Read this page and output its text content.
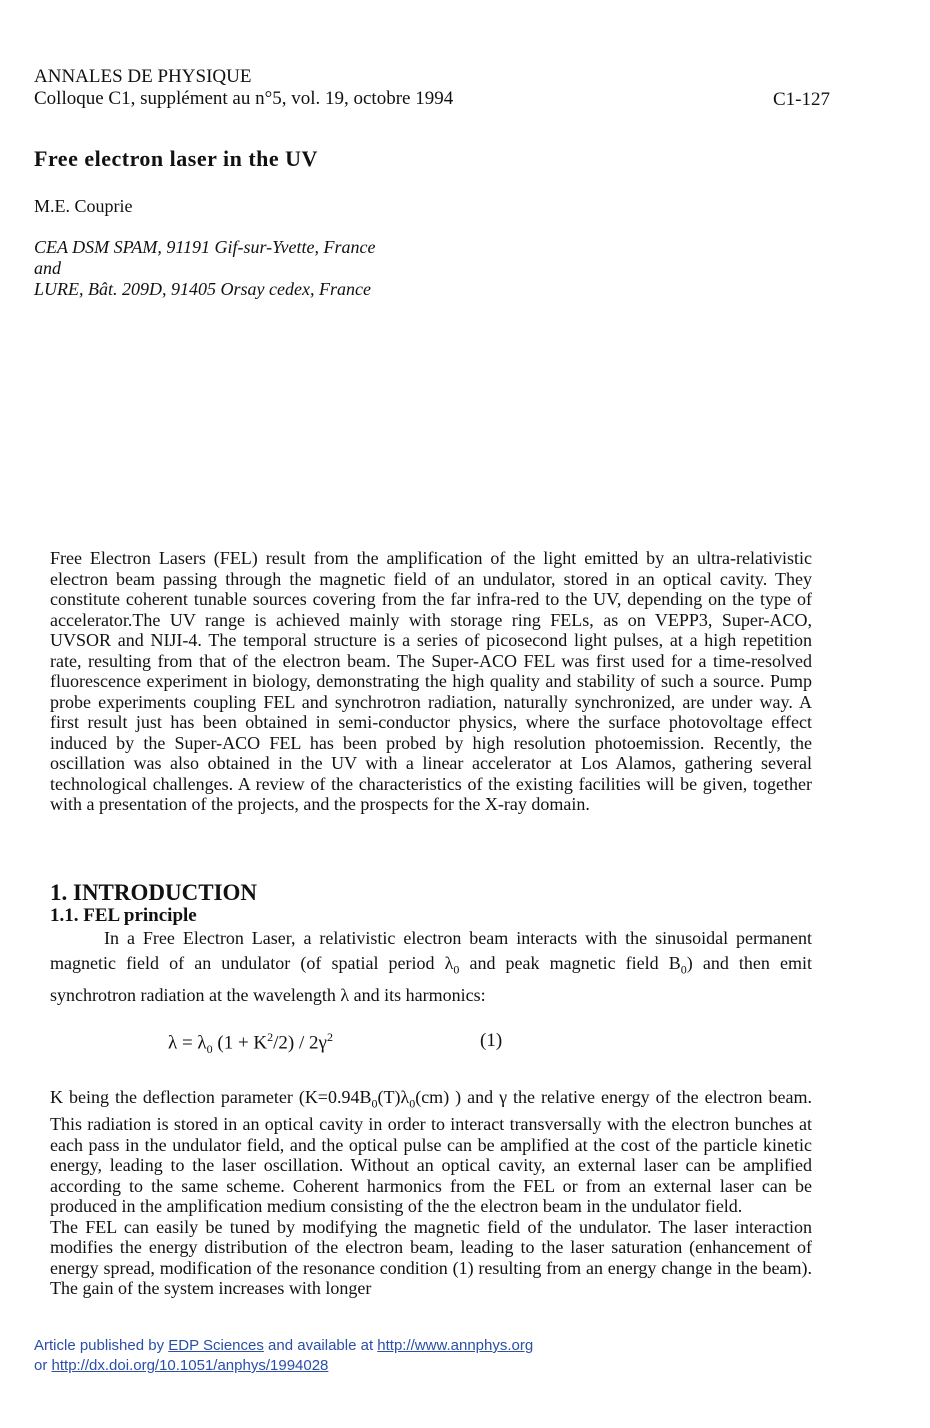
ANNALES DE PHYSIQUE
Colloque C1, supplément au n°5, vol. 19, octobre 1994	C1-127
Free electron laser in the UV
M.E. Couprie
CEA DSM SPAM, 91191 Gif-sur-Yvette, France
and
LURE, Bât. 209D, 91405 Orsay cedex, France
Free Electron Lasers (FEL) result from the amplification of the light emitted by an ultra-relativistic electron beam passing through the magnetic field of an undulator, stored in an optical cavity. They constitute coherent tunable sources covering from the far infra-red to the UV, depending on the type of accelerator.The UV range is achieved mainly with storage ring FELs, as on VEPP3, Super-ACO, UVSOR and NIJI-4. The temporal structure is a series of picosecond light pulses, at a high repetition rate, resulting from that of the electron beam. The Super-ACO FEL was first used for a time-resolved fluorescence experiment in biology, demonstrating the high quality and stability of such a source. Pump probe experiments coupling FEL and synchrotron radiation, naturally synchronized, are under way. A first result just has been obtained in semi-conductor physics, where the surface photovoltage effect induced by the Super-ACO FEL has been probed by high resolution photoemission. Recently, the oscillation was also obtained in the UV with a linear accelerator at Los Alamos, gathering several technological challenges. A review of the characteristics of the existing facilities will be given, together with a presentation of the projects, and the prospects for the X-ray domain.
1. INTRODUCTION
1.1. FEL principle

In a Free Electron Laser, a relativistic electron beam interacts with the sinusoidal permanent magnetic field of an undulator (of spatial period $\lambda_0$ and peak magnetic field $B_0$) and then emit synchrotron radiation at the wavelength λ and its harmonics:

$\lambda = \lambda_0$ $(1 + K^2/2) / 2\gamma^2$	(1)

K being the deflection parameter ($K=0.94B_0(T)\lambda_0(cm)$ ) and γ the relative energy of the electron beam. This radiation is stored in an optical cavity in order to interact transversally with the electron bunches at each pass in the undulator field, and the optical pulse can be amplified at the cost of the particle kinetic energy, leading to the laser oscillation. Without an optical cavity, an external laser can be amplified according to the same scheme. Coherent harmonics from the FEL or from an external laser can be produced in the amplification medium consisting of the the electron beam in the undulator field.

The FEL can easily be tuned by modifying the magnetic field of the undulator. The laser interaction modifies the energy distribution of the electron beam, leading to the laser saturation (enhancement of energy spread, modification of the resonance condition (1) resulting from an energy change in the beam). The gain of the system increases with longer

Article published by EDP Sciences and available at http://www.annphys.org
or http://dx.doi.org/10.1051/anphys/1994028
